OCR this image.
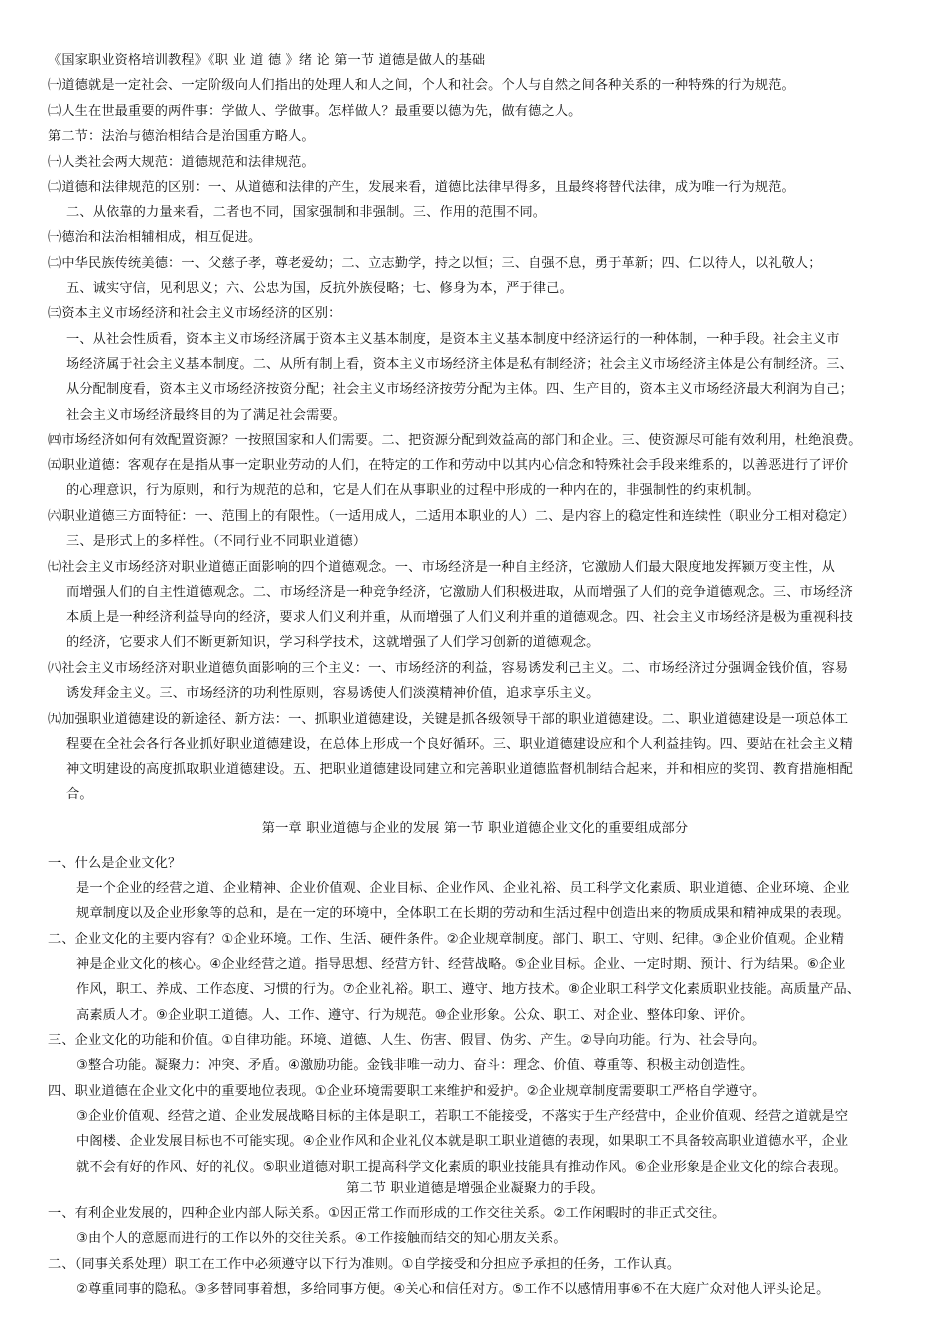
《国家职业资格培训教程》《职 业 道 德 》绪 论 第一节 道德是做人的基础
㈠道德就是一定社会、一定阶级向人们指出的处理人和人之间，个人和社会。个人与自然之间各种关系的一种特殊的行为规范。
㈡人生在世最重要的两件事：学做人、学做事。怎样做人？最重要以德为先，做有德之人。
第二节：法治与德治相结合是治国重方略人。
㈠人类社会两大规范：道德规范和法律规范。
㈡道德和法律规范的区别：一、从道德和法律的产生，发展来看，道德比法律早得多，且最终将替代法律，成为唯一行为规范。
二、从依靠的力量来看，二者也不同，国家强制和非强制。三、作用的范围不同。
㈠德治和法治相辅相成，相互促进。
㈡中华民族传统美德：一、父慈子孝，尊老爱幼；二、立志勤学，持之以恒；三、自强不息，勇于革新；四、仁以待人，以礼敬人；
五、诚实守信，见利思义；六、公忠为国，反抗外族侵略；七、修身为本，严于律己。
㈢资本主义市场经济和社会主义市场经济的区别：
一、从社会性质看，资本主义市场经济属于资本主义基本制度，是资本主义基本制度中经济运行的一种体制，一种手段。社会主义市
场经济属于社会主义基本制度。二、从所有制上看，资本主义市场经济主体是私有制经济；社会主义市场经济主体是公有制经济。三、
从分配制度看，资本主义市场经济按资分配；社会主义市场经济按劳分配为主体。四、生产目的，资本主义市场经济最大利润为自己；
社会主义市场经济最终目的为了满足社会需要。
㈣市场经济如何有效配置资源？一按照国家和人们需要。二、把资源分配到效益高的部门和企业。三、使资源尽可能有效利用，杜绝浪费。
㈤职业道德：客观存在是指从事一定职业劳动的人们，在特定的工作和劳动中以其内心信念和特殊社会手段来维系的，以善恶进行了评价
的心理意识，行为原则，和行为规范的总和，它是人们在从事职业的过程中形成的一种内在的，非强制性的约束机制。
㈥职业道德三方面特征：一、范围上的有限性。（一适用成人，二适用本职业的人）二、是内容上的稳定性和连续性（职业分工相对稳定）
三、是形式上的多样性。（不同行业不同职业道德）
㈦社会主义市场经济对职业道德正面影响的四个道德观念。一、市场经济是一种自主经济，它激励人们最大限度地发挥颍万变主性，从
而增强人们的自主性道德观念。二、市场经济是一种竞争经济，它激励人们积极进取，从而增强了人们的竞争道德观念。三、市场经济
本质上是一种经济利益导向的经济，要求人们义利并重，从而增强了人们义利并重的道德观念。四、社会主义市场经济是极为重视科技
的经济，它要求人们不断更新知识，学习科学技术，这就增强了人们学习创新的道德观念。
㈧社会主义市场经济对职业道德负面影响的三个主义：一、市场经济的利益，容易诱发利己主义。二、市场经济过分强调金钱价值，容易
诱发拜金主义。三、市场经济的功利性原则，容易诱使人们淡漠精神价值，追求享乐主义。
㈨加强职业道德建设的新途径、新方法：一、抓职业道德建设，关键是抓各级领导干部的职业道德建设。二、职业道德建设是一项总体工
程要在全社会各行各业抓好职业道德建设，在总体上形成一个良好循环。三、职业道德建设应和个人利益挂钩。四、要站在社会主义精
神文明建设的高度抓取职业道德建设。五、把职业道德建设同建立和完善职业道德监督机制结合起来，并和相应的奖罚、教育措施相配
合。
第一章 职业道德与企业的发展 第一节 职业道德企业文化的重要组成部分
一、什么是企业文化？
是一个企业的经营之道、企业精神、企业价值观、企业目标、企业作风、企业礼裕、员工科学文化素质、职业道德、企业环境、企业
规章制度以及企业形象等的总和，是在一定的环境中，全体职工在长期的劳动和生活过程中创造出来的物质成果和精神成果的表现。
二、企业文化的主要内容有？①企业环境。工作、生活、硬件条件。②企业规章制度。部门、职工、守则、纪律。③企业价值观。企业精
神是企业文化的核心。④企业经营之道。指导思想、经营方针、经营战略。⑤企业目标。企业、一定时期、预计、行为结果。⑥企业
作风，职工、养成、工作态度、习惯的行为。⑦企业礼裕。职工、遵守、地方技术。⑧企业职工科学文化素质职业技能。高质量产品、
高素质人才。⑨企业职工道德。人、工作、遵守、行为规范。⑩企业形象。公众、职工、对企业、整体印象、评价。
三、企业文化的功能和价值。①自律功能。环境、道德、人生、伤害、假冒、伪劣、产生。②导向功能。行为、社会导向。
③整合功能。凝聚力：冲突、矛盾。④激励功能。金钱非唯一动力、奋斗：理念、价值、尊重等、积极主动创造性。
四、职业道德在企业文化中的重要地位表现。①企业环境需要职工来维护和爱护。②企业规章制度需要职工严格自学遵守。
③企业价值观、经营之道、企业发展战略目标的主体是职工，若职工不能接受，不落实于生产经营中，企业价值观、经营之道就是空
中阁楼、企业发展目标也不可能实现。④企业作风和企业礼仪本就是职工职业道德的表现，如果职工不具备较高职业道德水平，企业
就不会有好的作风、好的礼仪。⑤职业道德对职工提高科学文化素质的职业技能具有推动作风。⑥企业形象是企业文化的综合表现。
第二节 职业道德是增强企业凝聚力的手段。
一、有利企业发展的，四种企业内部人际关系。①因正常工作而形成的工作交往关系。②工作闲暇时的非正式交往。
③由个人的意愿而进行的工作以外的交往关系。④工作接触而结交的知心朋友关系。
二、（同事关系处理）职工在工作中必须遵守以下行为准则。①自学接受和分担应予承担的任务，工作认真。
②尊重同事的隐私。③多替同事着想，多给同事方便。④关心和信任对方。⑤工作不以感情用事⑥不在大庭广众对他人评头论足。
